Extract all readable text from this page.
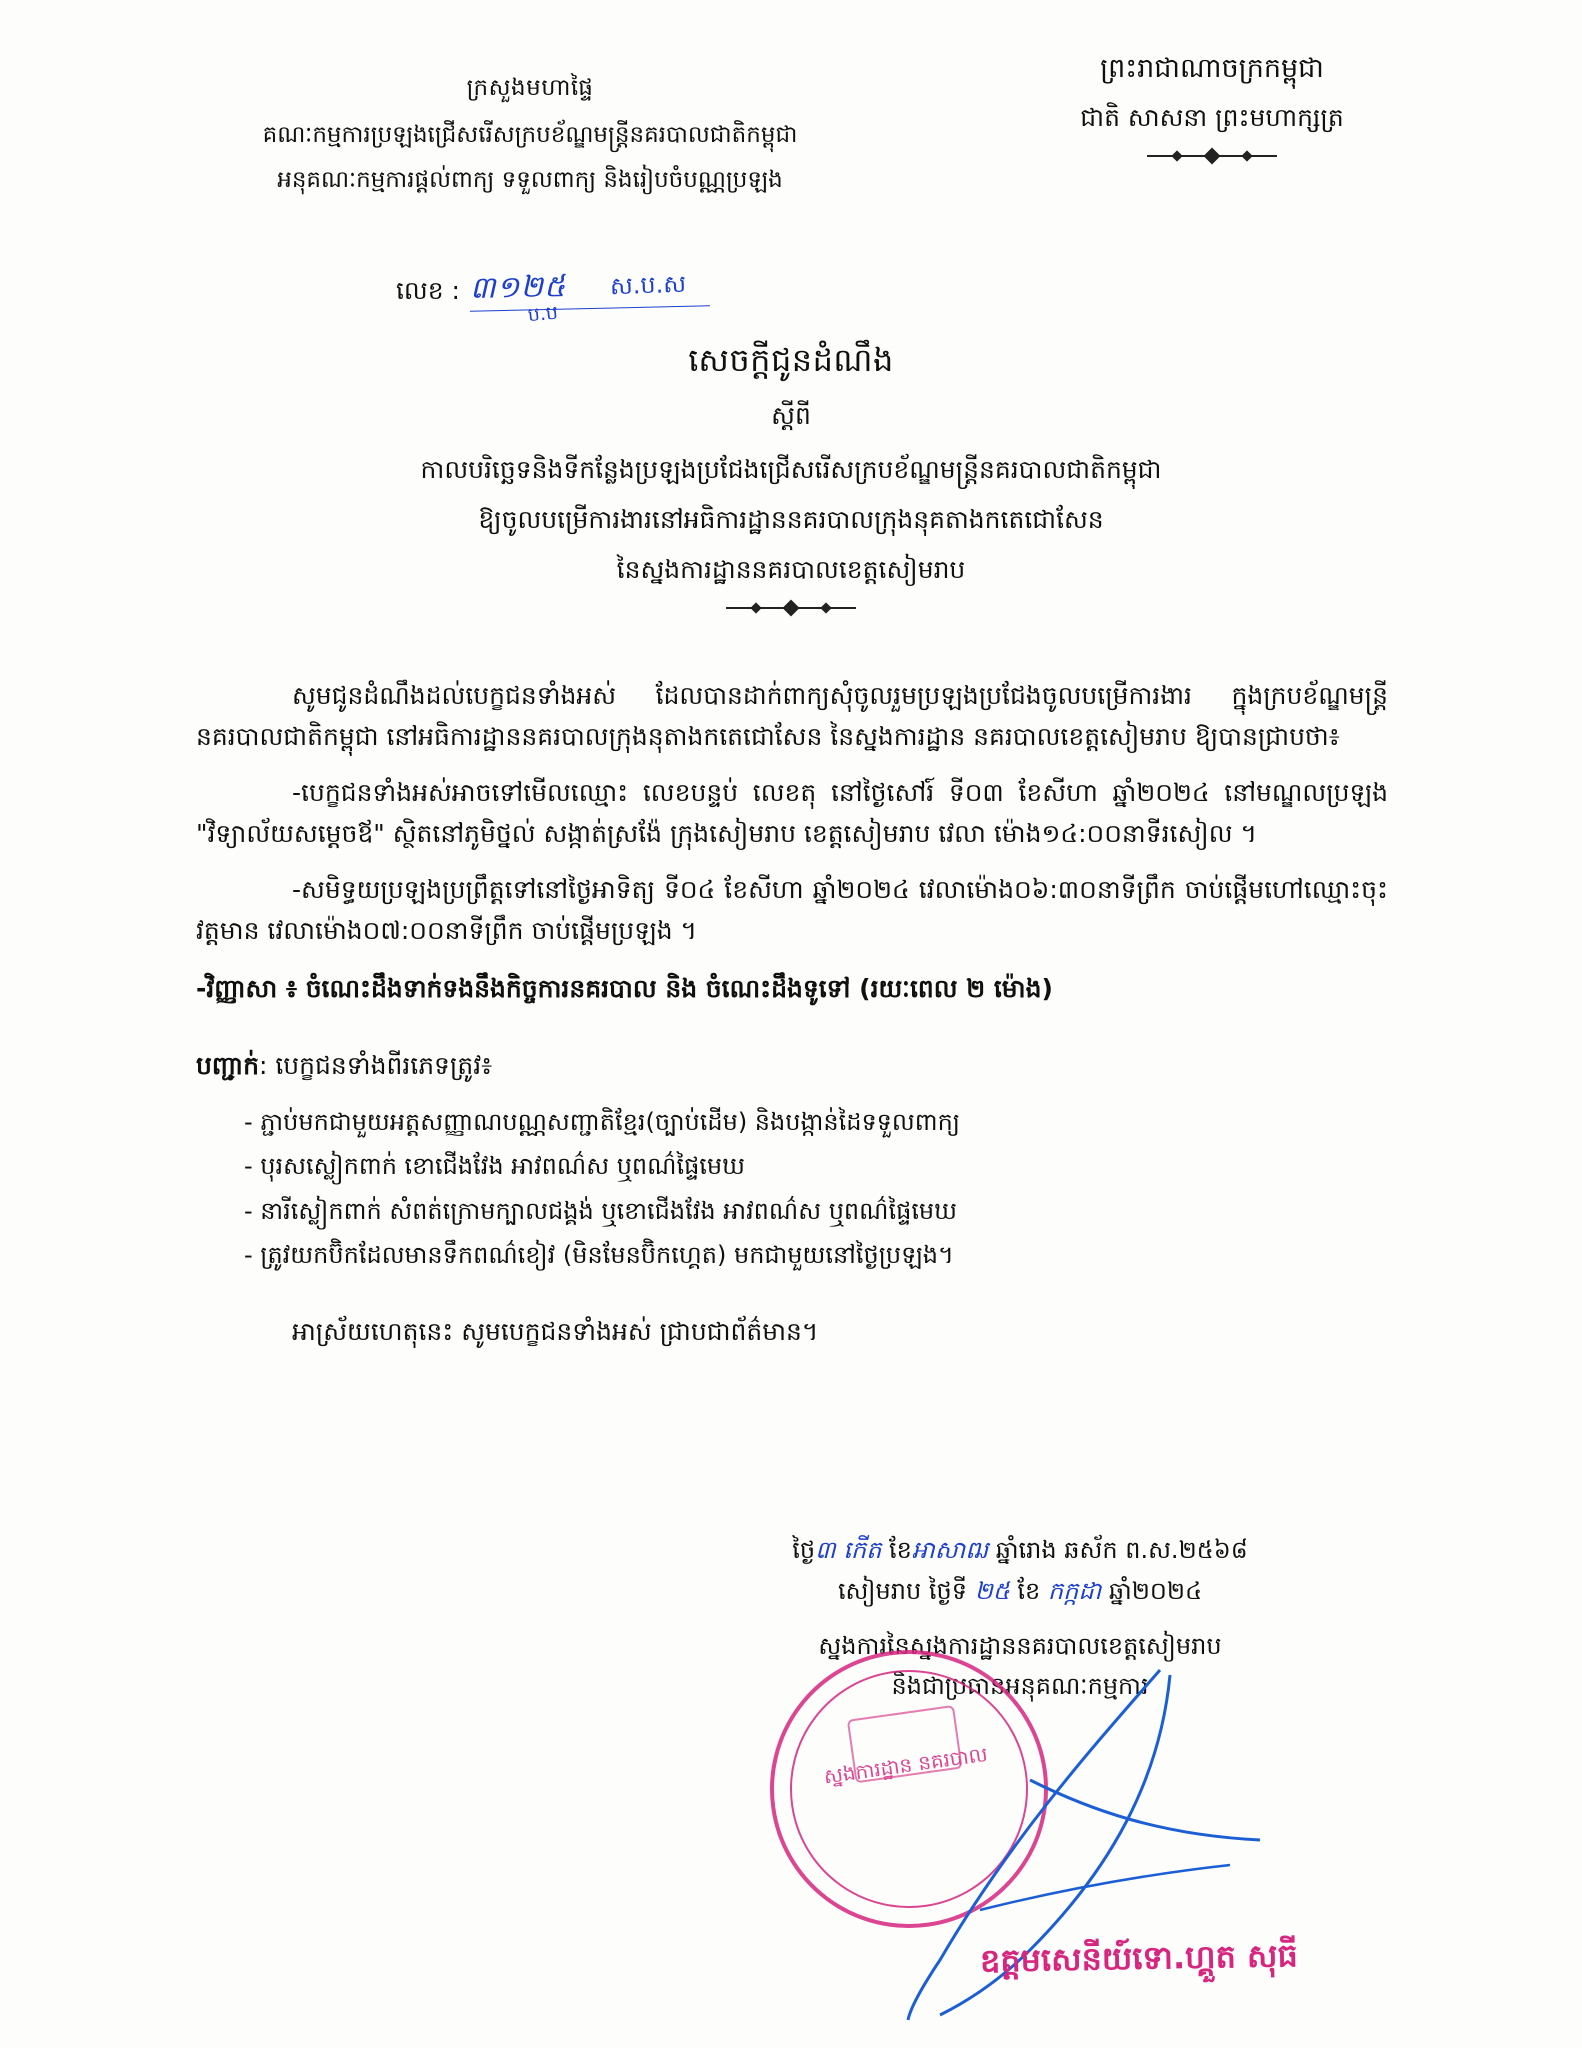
ក្រសួងមហាផ្ទៃ
គណៈកម្មការប្រឡងជ្រើសរើសក្របខ័ណ្ឌមន្ត្រីនគរបាលជាតិកម្ពុជា
អនុគណៈកម្មការផ្តល់ពាក្យ ទទួលពាក្យ និងរៀបចំបណ្ណប្រឡង
ព្រះរាជាណាចក្រកម្ពុជា
ជាតិ សាសនា ព្រះមហាក្សត្រ
លេខ : ៣១២៥
ប.ប
ស.ប.ស
សេចក្តីជូនដំណឹង
ស្តីពី
កាលបរិច្ឆេទនិងទីកន្លែងប្រឡងប្រជែងជ្រើសរើសក្របខ័ណ្ឌមន្ត្រីនគរបាលជាតិកម្ពុជា
ឱ្យចូលបម្រើការងារនៅអធិការដ្ឋាននគរបាលក្រុងនុគតាងកតេជោសែន
នៃស្នងការដ្ឋាននគរបាលខេត្តសៀមរាប
សូមជូនដំណឹងដល់បេក្ខជនទាំងអស់ ដែលបានដាក់ពាក្យសុំចូលរួមប្រឡងប្រជែងចូលបម្រើការងារ ក្នុងក្របខ័ណ្ឌមន្ត្រីនគរបាលជាតិកម្ពុជា នៅអធិការដ្ឋាននគរបាលក្រុងនុតាងកតេជោសែន នៃស្នងការដ្ឋាន នគរបាលខេត្តសៀមរាប ឱ្យបានជ្រាបថា៖
-បេក្ខជនទាំងអស់អាចទៅមើលឈ្មោះ លេខបន្ទប់ លេខតុ នៅថ្ងៃសៅរ៍ ទី០៣ ខែសីហា ឆ្នាំ២០២៤ នៅមណ្ឌលប្រឡង "វិទ្យាល័យសម្តេចឪ" ស្ថិតនៅភូមិថ្នល់ សង្កាត់ស្រង៉ែ ក្រុងសៀមរាប ខេត្តសៀមរាប វេលា ម៉ោង១៤:០០នាទីរសៀល ។
-សមិទ្ធយប្រឡងប្រព្រឹត្តទៅនៅថ្ងៃអាទិត្យ ទី០៤ ខែសីហា ឆ្នាំ២០២៤ វេលាម៉ោង០៦:៣០នាទីព្រឹក ចាប់ផ្តើមហៅឈ្មោះចុះវត្តមាន វេលាម៉ោង០៧:០០នាទីព្រឹក ចាប់ផ្តើមប្រឡង ។
-វិញ្ញាសា ៖ ចំណេះដឹងទាក់ទងនឹងកិច្ចការនគរបាល និង ចំណេះដឹងទូទៅ (រយៈពេល ២ ម៉ោង)
បញ្ជាក់: បេក្ខជនទាំងពីរភេទត្រូវ៖
- ភ្ជាប់មកជាមួយអត្តសញ្ញាណបណ្ណសញ្ជាតិខ្មែរ(ច្បាប់ដើម) និងបង្កាន់ដៃទទួលពាក្យ
- បុរសស្លៀកពាក់ ខោជើងវែង អាវពណ៌ស ឬពណ៌ផ្ទៃមេឃ
- នារីស្លៀកពាក់ សំពត់ក្រោមក្បាលជង្គង់ ឬខោជើងវែង អាវពណ៌ស ឬពណ៌ផ្ទៃមេឃ
- ត្រូវយកប៊ិកដែលមានទឹកពណ៌ខៀវ (មិនមែនប៊ិកហ្គេត) មកជាមួយនៅថ្ងៃប្រឡង។
អាស្រ័យហេតុនេះ សូមបេក្ខជនទាំងអស់ ជ្រាបជាព័ត៌មាន។
ថ្ងៃ៣ កើត ខែអាសាឍ ឆ្នាំរោង ឆស័ក ព.ស.២៥៦៨
សៀមរាប ថ្ងៃទី ២៥ ខែ កក្កដា ឆ្នាំ២០២៤
ស្នងការនៃស្នងការដ្ឋាននគរបាលខេត្តសៀមរាប
និងជាប្រធានអនុគណៈកម្មការ
ស្នងការដ្ឋាន នគរបាល
ឧត្តមសេនីយ៍ទោ.ហ្គួត សុធី
